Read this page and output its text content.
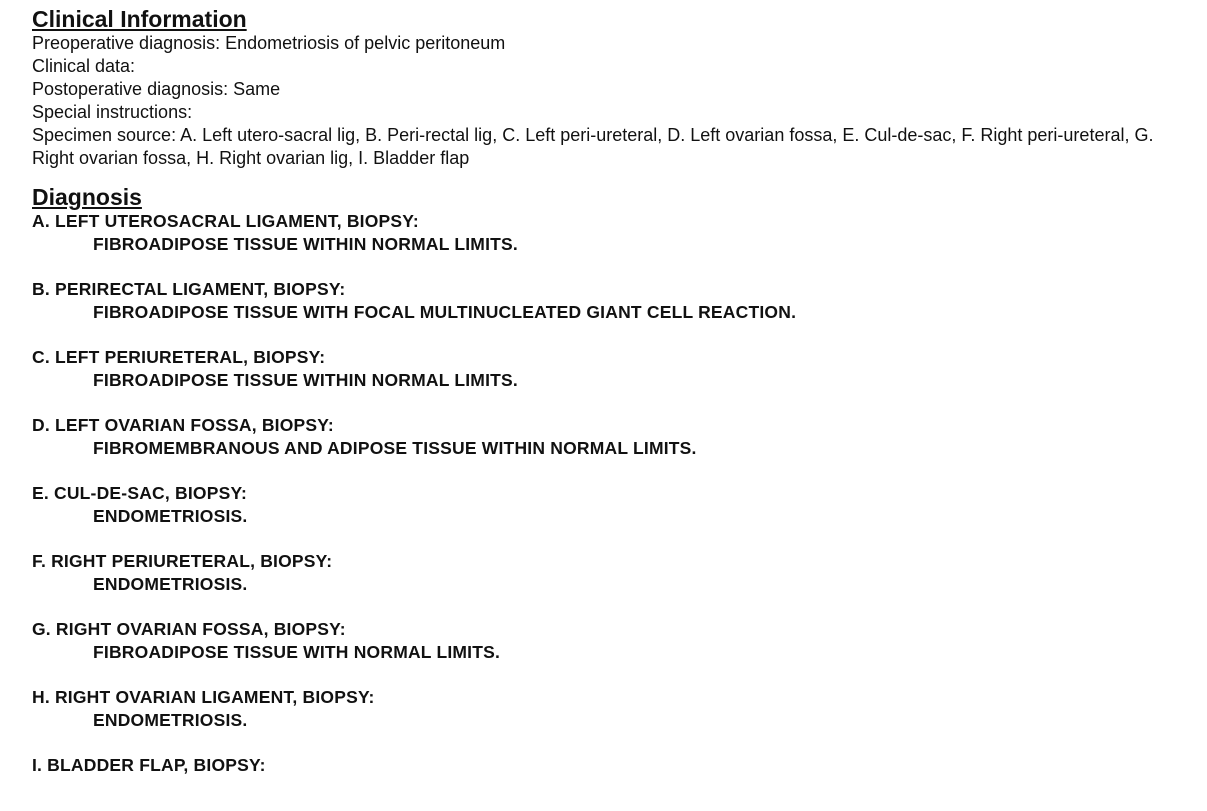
Clinical Information
Preoperative diagnosis: Endometriosis of pelvic peritoneum
Clinical data:
Postoperative diagnosis: Same
Special instructions:
Specimen source: A. Left utero-sacral lig, B. Peri-rectal lig, C. Left peri-ureteral, D. Left ovarian fossa, E. Cul-de-sac, F. Right peri-ureteral, G. Right ovarian fossa, H. Right ovarian lig, I. Bladder flap
Diagnosis
A. LEFT UTEROSACRAL LIGAMENT, BIOPSY:
FIBROADIPOSE TISSUE WITHIN NORMAL LIMITS.
B. PERIRECTAL LIGAMENT, BIOPSY:
FIBROADIPOSE TISSUE WITH FOCAL MULTINUCLEATED GIANT CELL REACTION.
C. LEFT PERIURETERAL, BIOPSY:
FIBROADIPOSE TISSUE WITHIN NORMAL LIMITS.
D. LEFT OVARIAN FOSSA, BIOPSY:
FIBROMEMBRANOUS AND ADIPOSE TISSUE WITHIN NORMAL LIMITS.
E. CUL-DE-SAC, BIOPSY:
ENDOMETRIOSIS.
F. RIGHT PERIURETERAL, BIOPSY:
ENDOMETRIOSIS.
G. RIGHT OVARIAN FOSSA, BIOPSY:
FIBROADIPOSE TISSUE WITH NORMAL LIMITS.
H. RIGHT OVARIAN LIGAMENT, BIOPSY:
ENDOMETRIOSIS.
I. BLADDER FLAP, BIOPSY:
